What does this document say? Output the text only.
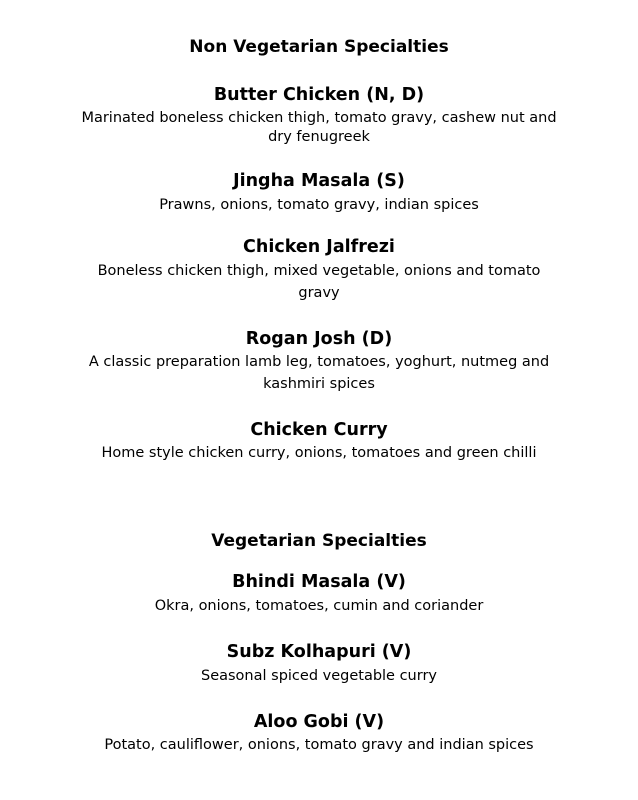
Non Vegetarian Specialties
Butter Chicken (N, D)
Marinated boneless chicken thigh, tomato gravy, cashew nut and
dry fenugreek
Jingha Masala (S)
Prawns, onions, tomato gravy, indian spices
Chicken Jalfrezi
Boneless chicken thigh, mixed vegetable, onions and tomato
gravy
Rogan Josh (D)
A classic preparation lamb leg, tomatoes, yoghurt, nutmeg and
kashmiri spices
Chicken Curry
Home style chicken curry, onions, tomatoes and green chilli
Vegetarian Specialties
Bhindi Masala (V)
Okra, onions, tomatoes, cumin and coriander
Subz Kolhapuri (V)
Seasonal spiced vegetable curry
Aloo Gobi (V)
Potato, cauliflower, onions, tomato gravy and indian spices
